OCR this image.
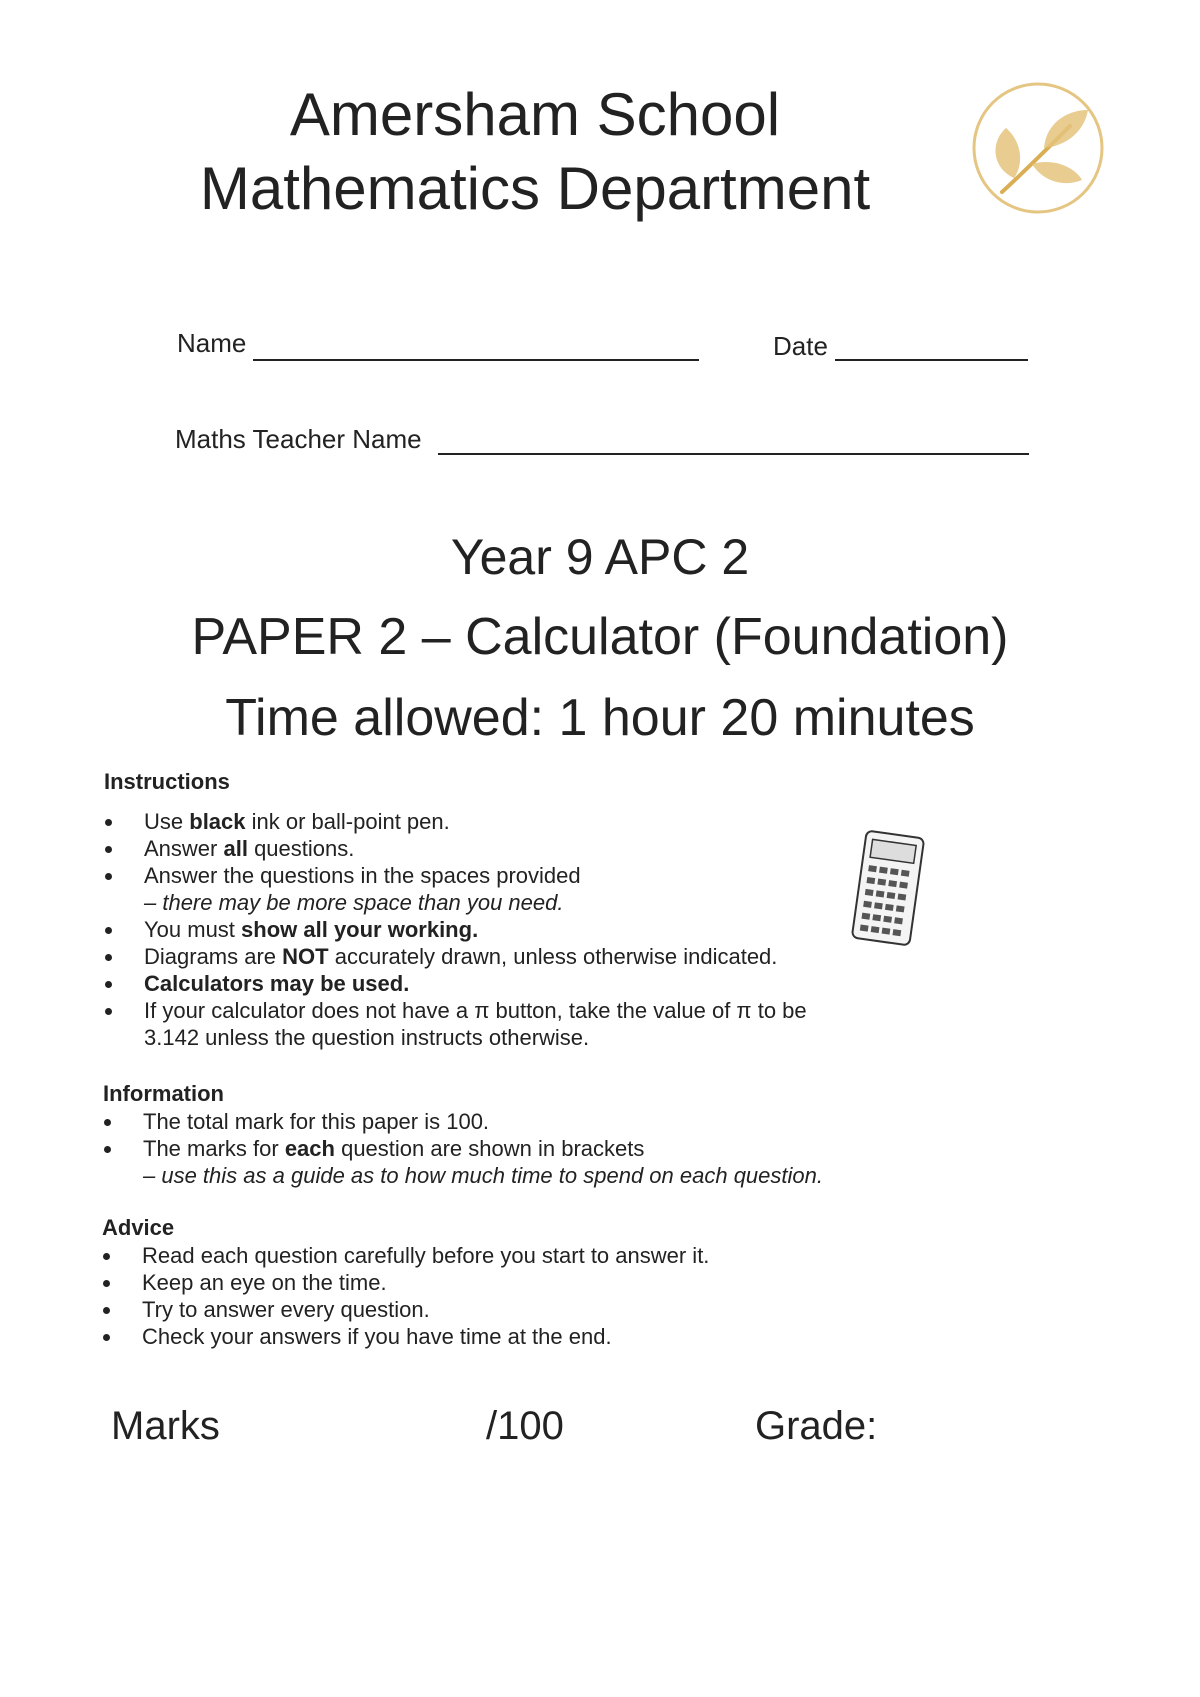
Amersham School
Mathematics Department
Name	Date
Maths Teacher Name
Year 9 APC 2
PAPER 2 – Calculator (Foundation)
Time allowed: 1 hour 20 minutes
Instructions
Use black ink or ball-point pen.
Answer all questions.
Answer the questions in the spaces provided
– there may be more space than you need.
You must show all your working.
Diagrams are NOT accurately drawn, unless otherwise indicated.
Calculators may be used.
If your calculator does not have a π button, take the value of π to be 3.142 unless the question instructs otherwise.
Information
The total mark for this paper is 100.
The marks for each question are shown in brackets
– use this as a guide as to how much time to spend on each question.
Advice
Read each question carefully before you start to answer it.
Keep an eye on the time.
Try to answer every question.
Check your answers if you have time at the end.
Marks	/100	Grade:
